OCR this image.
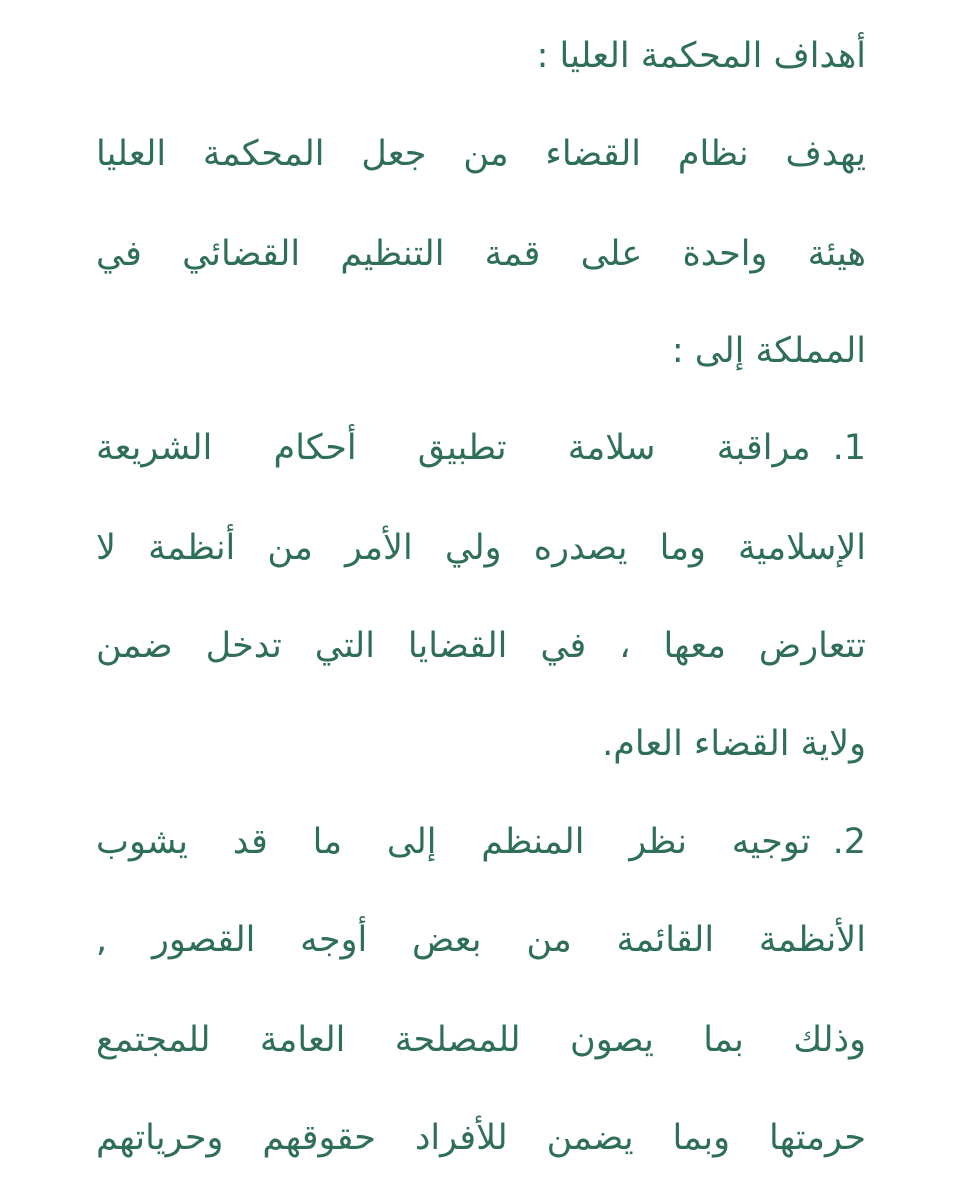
أهداف المحكمة العليا :
يهدف نظام القضاء من جعل المحكمة العليا
هيئة واحدة على قمة التنظيم القضائي في
المملكة إلى :
1.مراقبة سلامة تطبيق أحكام الشريعة
الإسلامية وما يصدره ولي الأمر من أنظمة لا
تتعارض معها ، في القضايا التي تدخل ضمن
ولاية القضاء العام.
2.توجيه نظر المنظم إلى ما قد يشوب
الأنظمة القائمة من بعض أوجه القصور ,
وذلك بما يصون للمصلحة العامة للمجتمع
حرمتها وبما يضمن للأفراد حقوقهم وحرياتهم
